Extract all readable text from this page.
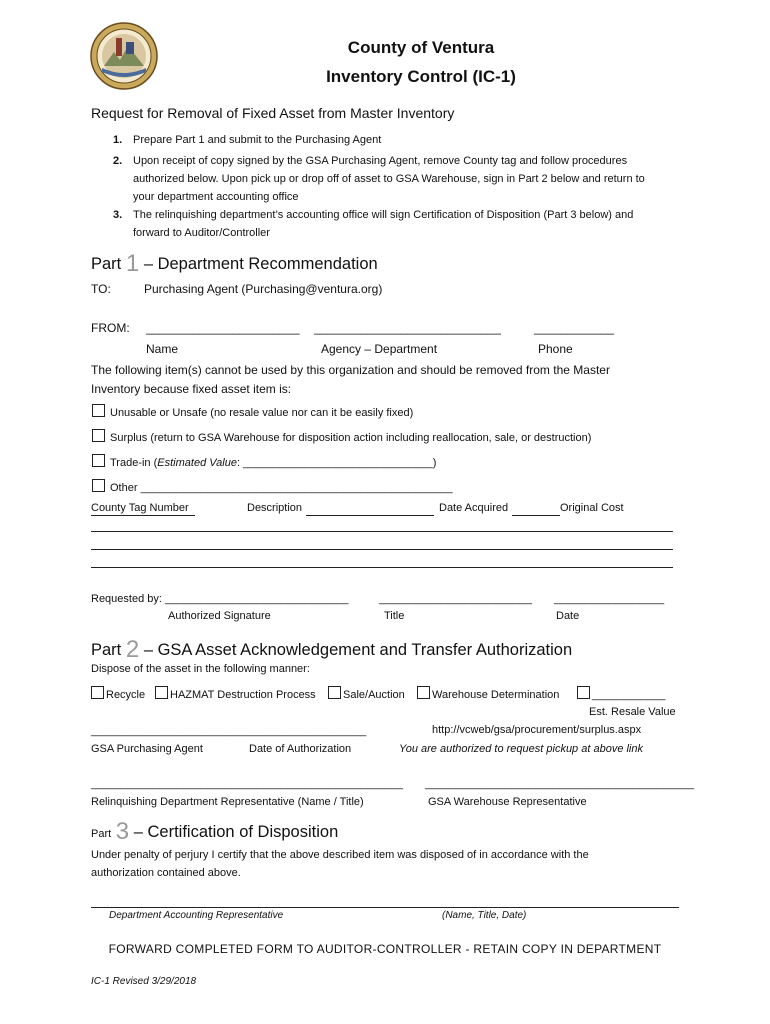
County of Ventura
Inventory Control (IC-1)
Request for Removal of Fixed Asset from Master Inventory
1. Prepare Part 1 and submit to the Purchasing Agent
2. Upon receipt of copy signed by the GSA Purchasing Agent, remove County tag and follow procedures
authorized below. Upon pick up or drop off of asset to GSA Warehouse, sign in Part 2 below and return to
your department accounting office
3. The relinquishing department’s accounting office will sign Certification of Disposition (Part 3 below) and
forward to Auditor/Controller
Part 1 – Department Recommendation
TO:	Purchasing Agent (Purchasing@ventura.org)
FROM: _______________________ ____________________________	____________
Name	Agency – Department	Phone
The following item(s) cannot be used by this organization and should be removed from the Master
Inventory because fixed asset item is:
Unusable or Unsafe (no resale value nor can it be easily fixed)
Surplus (return to GSA Warehouse for disposition action including reallocation, sale, or destruction)
Trade-in (Estimated Value: _______________________________)
Other ___________________________________________________
County Tag Number	Description	Date Acquired	Original Cost
Requested by: ______________________________	_________________________ __________________
Authorized Signature	Title	Date
Part 2 – GSA Asset Acknowledgement and Transfer Authorization
Dispose of the asset in the following manner:
Recycle	HAZMAT Destruction Process	Sale/Auction	Warehouse Determination	____________
Est. Resale Value
_____________________________________________	http://vcweb/gsa/procurement/surplus.aspx
GSA Purchasing Agent	Date of Authorization	You are authorized to request pickup at above link
___________________________________________________ ____________________________________________
Relinquishing Department Representative (Name / Title)	GSA Warehouse Representative
Part 3 – Certification of Disposition
Under penalty of perjury I certify that the above described item was disposed of in accordance with the
authorization contained above.
Department Accounting Representative	(Name, Title, Date)
FORWARD COMPLETED FORM TO AUDITOR-CONTROLLER - RETAIN COPY IN DEPARTMENT
IC-1 Revised 3/29/2018
